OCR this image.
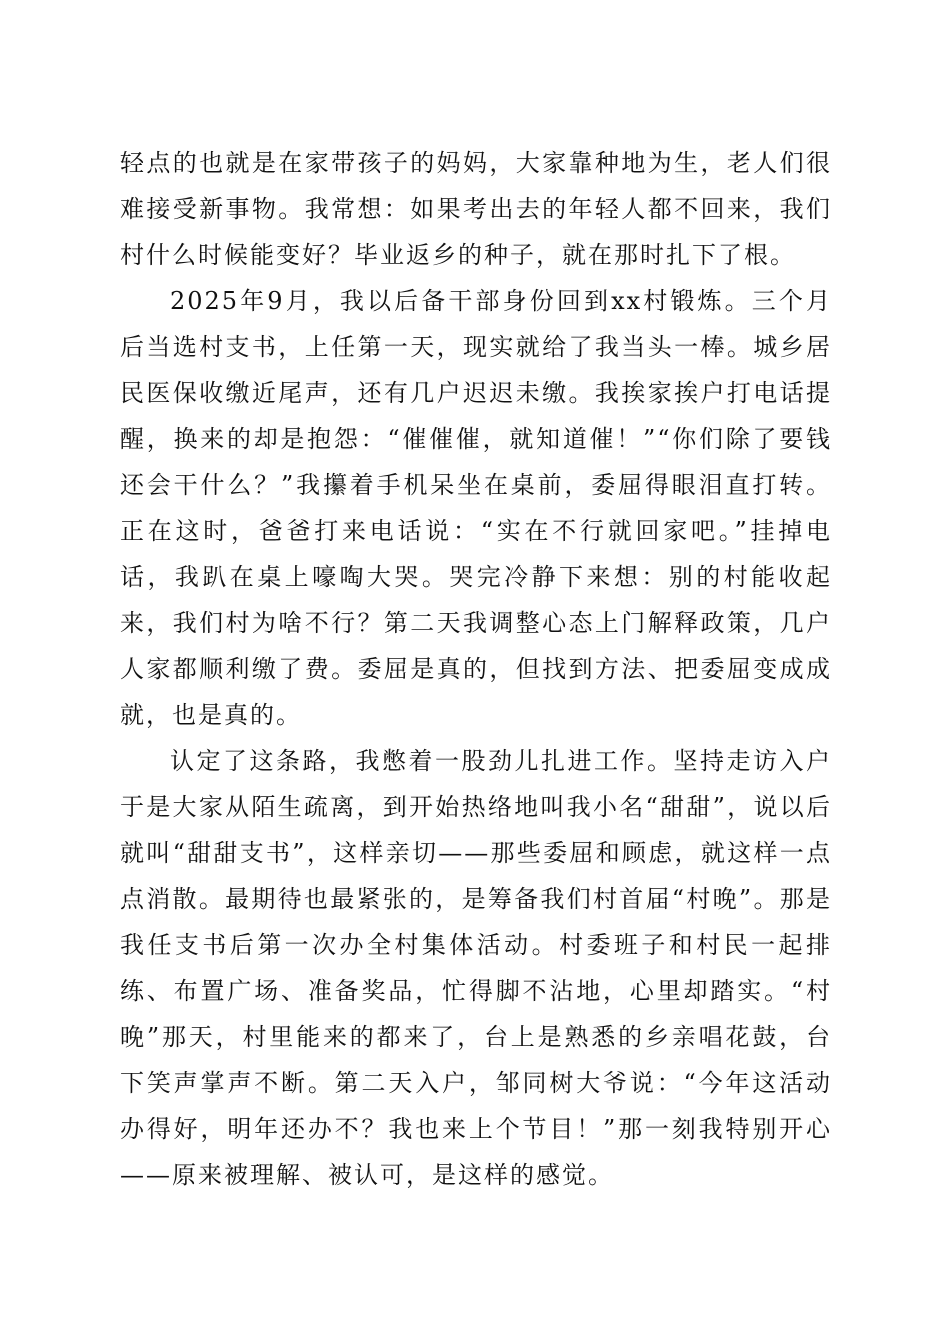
轻点的也就是在家带孩子的妈妈，大家靠种地为生，老人们很难接受新事物。我常想：如果考出去的年轻人都不回来，我们村什么时候能变好？毕业返乡的种子，就在那时扎下了根。

2025年9月，我以后备干部身份回到xx村锻炼。三个月后当选村支书，上任第一天，现实就给了我当头一棒。城乡居民医保收缴近尾声，还有几户迟迟未缴。我挨家挨户打电话提醒，换来的却是抱怨：“催催催，就知道催！”“你们除了要钱还会干什么？”我攥着手机呆坐在桌前，委屈得眼泪直打转。正在这时，爸爸打来电话说：“实在不行就回家吧。”挂掉电话，我趴在桌上嚎啕大哭。哭完冷静下来想：别的村能收起来，我们村为啥不行？第二天我调整心态上门解释政策，几户人家都顺利缴了费。委屈是真的，但找到方法、把委屈变成成就，也是真的。

认定了这条路，我憋着一股劲儿扎进工作。坚持走访入户于是大家从陌生疏离，到开始热络地叫我小名“甜甜”，说以后就叫“甜甜支书”，这样亲切——那些委屈和顾虑，就这样一点点消散。最期待也最紧张的，是筹备我们村首届“村晚”。那是我任支书后第一次办全村集体活动。村委班子和村民一起排练、布置广场、准备奖品，忙得脚不沾地，心里却踏实。“村晚”那天，村里能来的都来了，台上是熟悉的乡亲唱花鼓，台下笑声掌声不断。第二天入户，邹同树大爷说：“今年这活动办得好，明年还办不？我也来上个节目！”那一刻我特别开心——原来被理解、被认可，是这样的感觉。
